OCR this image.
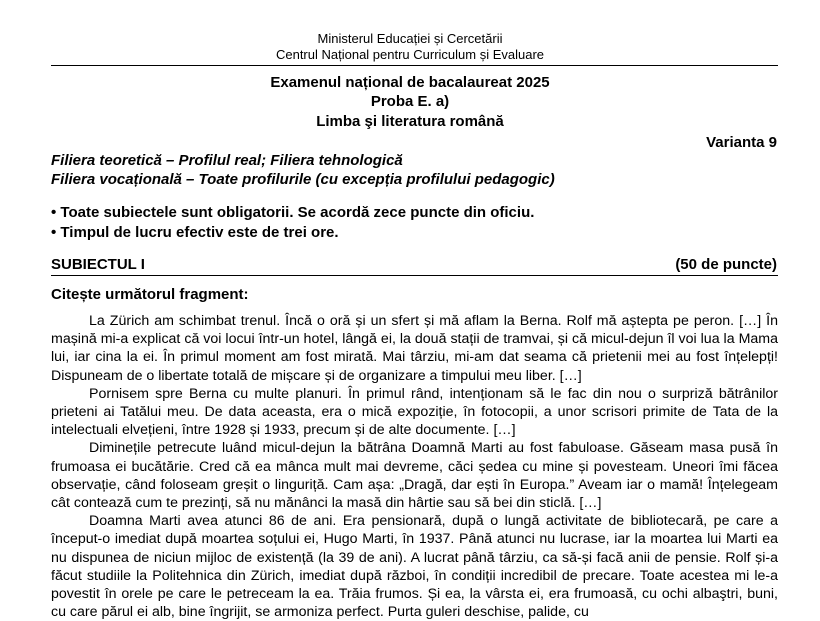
Ministerul Educației și Cercetării
Centrul Național pentru Curriculum și Evaluare
Examenul național de bacalaureat 2025
Proba E. a)
Limba şi literatura română
Varianta 9
Filiera teoretică – Profilul real; Filiera tehnologică
Filiera vocațională – Toate profilurile (cu excepția profilului pedagogic)
• Toate subiectele sunt obligatorii. Se acordă zece puncte din oficiu.
• Timpul de lucru efectiv este de trei ore.
SUBIECTUL I	(50 de puncte)
Citește următorul fragment:

La Zürich am schimbat trenul. Încă o oră și un sfert și mă aflam la Berna. Rolf mă aștepta pe peron. […] În mașină mi-a explicat că voi locui într-un hotel, lângă ei, la două stații de tramvai, și că micul-dejun îl voi lua la Mama lui, iar cina la ei. În primul moment am fost mirată. Mai târziu, mi-am dat seama că prietenii mei au fost înțelepți! Dispuneam de o libertate totală de mișcare și de organizare a timpului meu liber. […]

Pornisem spre Berna cu multe planuri. În primul rând, intenționam să le fac din nou o surpriză bătrânilor prieteni ai Tatălui meu. De data aceasta, era o mică expoziție, în fotocopii, a unor scrisori primite de Tata de la intelectuali elvețieni, între 1928 și 1933, precum și de alte documente. […]

Diminețile petrecute luând micul-dejun la bătrâna Doamnă Marti au fost fabuloase. Găseam masa pusă în frumoasa ei bucătărie. Cred că ea mânca mult mai devreme, căci ședea cu mine și povesteam. Uneori îmi făcea observație, când foloseam greșit o linguriță. Cam așa: „Dragă, dar ești în Europa.” Aveam iar o mamă! Înțelegeam cât contează cum te prezinți, să nu mănânci la masă din hârtie sau să bei din sticlă. […]

Doamna Marti avea atunci 86 de ani. Era pensionară, după o lungă activitate de bibliotecară, pe care a început-o imediat după moartea soțului ei, Hugo Marti, în 1937. Până atunci nu lucrase, iar la moartea lui Marti ea nu dispunea de niciun mijloc de existență (la 39 de ani). A lucrat până târziu, ca să-și facă anii de pensie. Rolf și-a făcut studiile la Politehnica din Zürich, imediat după război, în condiții incredibil de precare. Toate acestea mi le-a povestit în orele pe care le petreceam la ea. Trăia frumos. Și ea, la vârsta ei, era frumoasă, cu ochi albaştri, buni, cu care părul ei alb, bine îngrijit, se armoniza perfect. Purta guleri deschise, palide, cu
